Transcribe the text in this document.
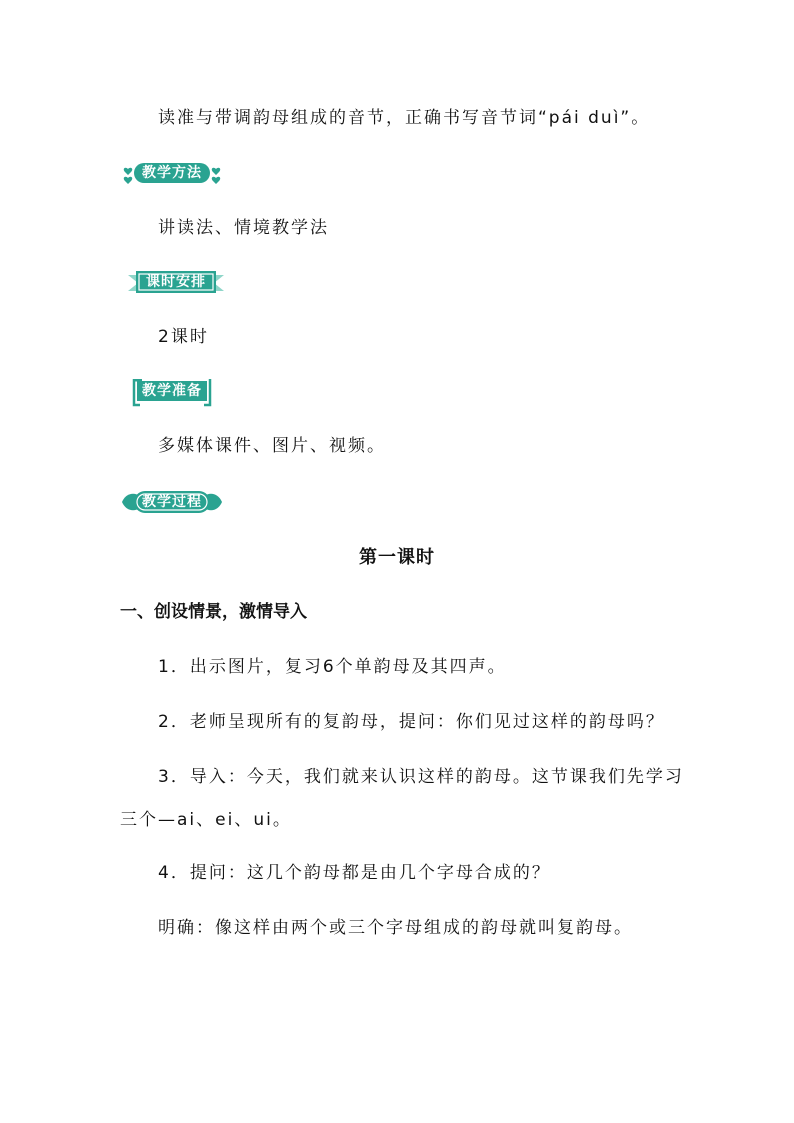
读准与带调韵母组成的音节，正确书写音节词“pái duì”。
教学方法
讲读法、情境教学法
课时安排
2课时
教学准备
多媒体课件、图片、视频。
教学过程
第一课时
一、创设情景，激情导入
1．出示图片，复习6个单韵母及其四声。
2．老师呈现所有的复韵母，提问：你们见过这样的韵母吗？
3．导入：今天，我们就来认识这样的韵母。这节课我们先学习
三个—ai、ei、ui。
4．提问：这几个韵母都是由几个字母合成的？
明确：像这样由两个或三个字母组成的韵母就叫复韵母。
